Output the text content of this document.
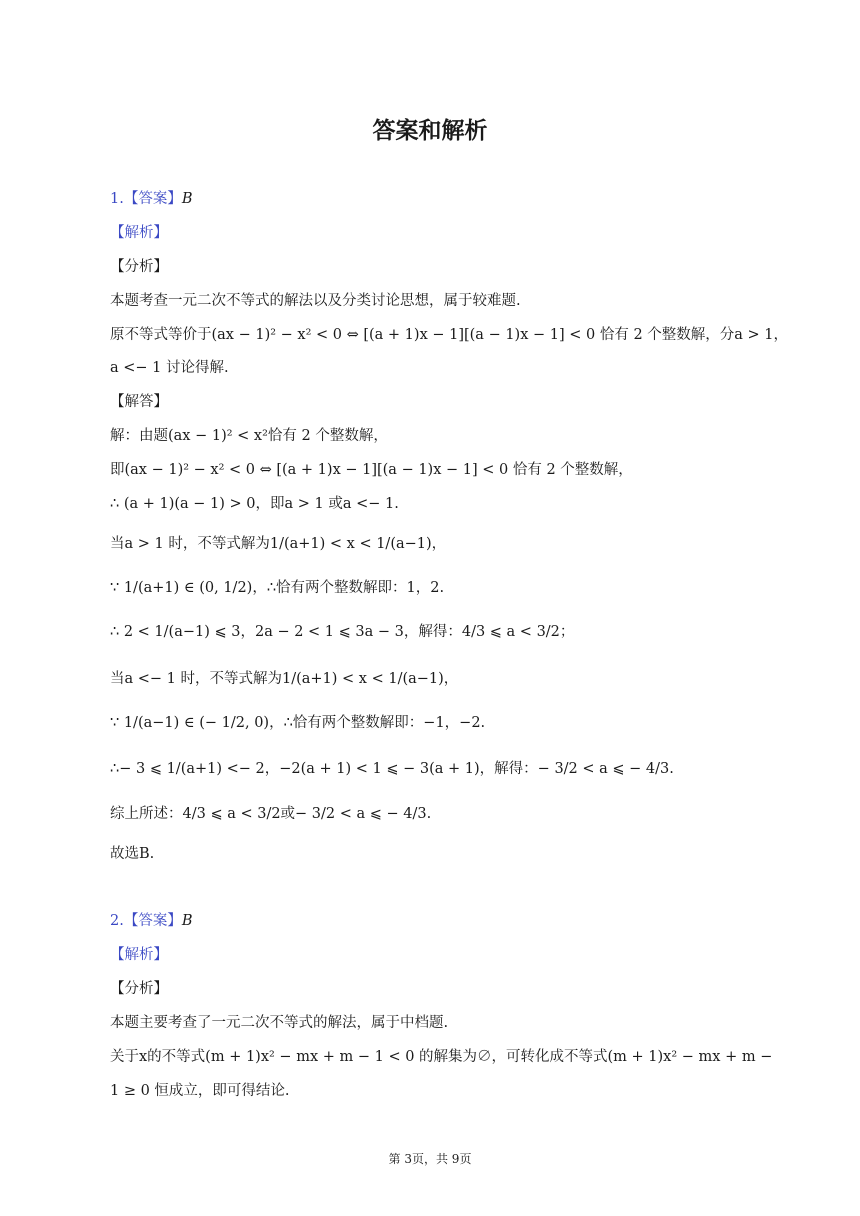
答案和解析
1.【答案】B
【解析】
【分析】
本题考查一元二次不等式的解法以及分类讨论思想，属于较难题.
原不等式等价于(ax − 1)² − x² < 0 ⇔ [(a + 1)x − 1][(a − 1)x − 1] < 0 恰有 2 个整数解，分a > 1，
a <− 1 讨论得解.
【解答】
解：由题(ax − 1)² < x²恰有 2 个整数解，
即(ax − 1)² − x² < 0 ⇔ [(a + 1)x − 1][(a − 1)x − 1] < 0 恰有 2 个整数解，
∴ (a + 1)(a − 1) > 0，即a > 1 或a <− 1.
当a > 1 时，不等式解为1/(a+1) < x < 1/(a−1)，
∵ 1/(a+1) ∈ (0, 1/2)，∴恰有两个整数解即：1，2.
∴ 2 < 1/(a−1) ⩽ 3，2a − 2 < 1 ⩽ 3a − 3，解得：4/3 ⩽ a < 3/2；
当a <− 1 时，不等式解为1/(a+1) < x < 1/(a−1)，
∵ 1/(a−1) ∈ (− 1/2, 0)，∴恰有两个整数解即：−1，−2.
∴− 3 ⩽ 1/(a+1) <− 2，−2(a + 1) < 1 ⩽ − 3(a + 1)，解得：− 3/2 < a ⩽ − 4/3.
综上所述：4/3 ⩽ a < 3/2或− 3/2 < a ⩽ − 4/3.
故选B.
2.【答案】B
【解析】
【分析】
本题主要考查了一元二次不等式的解法，属于中档题.
关于x的不等式(m + 1)x² − mx + m − 1 < 0 的解集为∅，可转化成不等式(m + 1)x² − mx + m −
1 ≥ 0 恒成立，即可得结论.
第 3页，共 9页
